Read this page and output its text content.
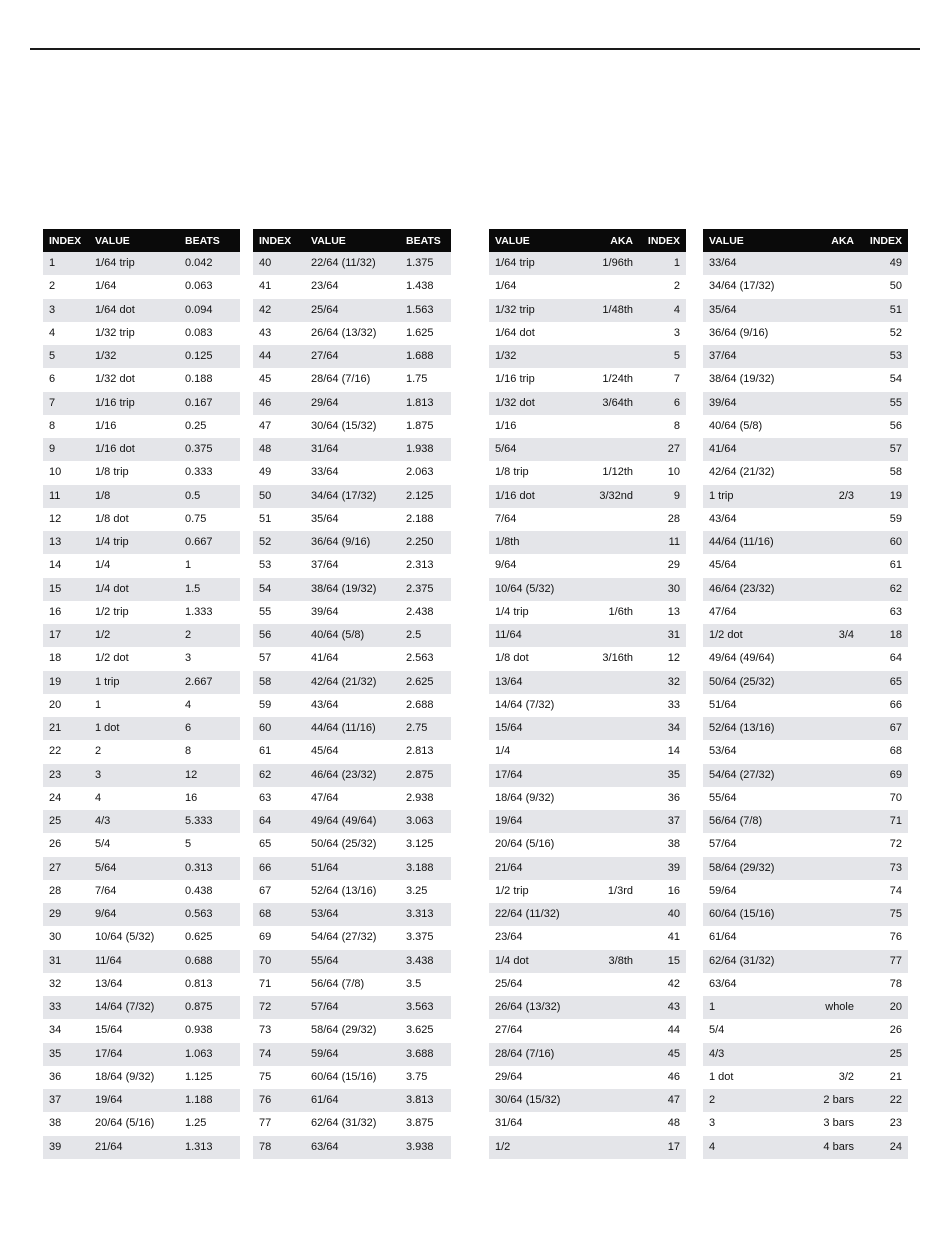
INDEX	VALUE	BEATS
1	1/64 trip	0.042
2	1/64	0.063
3	1/64 dot	0.094
4	1/32 trip	0.083
5	1/32	0.125
6	1/32 dot	0.188
7	1/16 trip	0.167
8	1/16	0.25
9	1/16 dot	0.375
10	1/8 trip	0.333
11	1/8	0.5
12	1/8 dot	0.75
13	1/4 trip	0.667
14	1/4	1
15	1/4 dot	1.5
16	1/2 trip	1.333
17	1/2	2
18	1/2 dot	3
19	1 trip	2.667
20	1	4
21	1 dot	6
22	2	8
23	3	12
24	4	16
25	4/3	5.333
26	5/4	5
27	5/64	0.313
28	7/64	0.438
29	9/64	0.563
30	10/64 (5/32)	0.625
31	11/64	0.688
32	13/64	0.813
33	14/64 (7/32)	0.875
34	15/64	0.938
35	17/64	1.063
36	18/64 (9/32)	1.125
37	19/64	1.188
38	20/64 (5/16)	1.25
39	21/64	1.313
INDEX	VALUE	BEATS
40	22/64 (11/32)	1.375
41	23/64	1.438
42	25/64	1.563
43	26/64 (13/32)	1.625
44	27/64	1.688
45	28/64 (7/16)	1.75
46	29/64	1.813
47	30/64 (15/32)	1.875
48	31/64	1.938
49	33/64	2.063
50	34/64 (17/32)	2.125
51	35/64	2.188
52	36/64 (9/16)	2.250
53	37/64	2.313
54	38/64 (19/32)	2.375
55	39/64	2.438
56	40/64 (5/8)	2.5
57	41/64	2.563
58	42/64 (21/32)	2.625
59	43/64	2.688
60	44/64 (11/16)	2.75
61	45/64	2.813
62	46/64 (23/32)	2.875
63	47/64	2.938
64	49/64 (49/64)	3.063
65	50/64 (25/32)	3.125
66	51/64	3.188
67	52/64 (13/16)	3.25
68	53/64	3.313
69	54/64 (27/32)	3.375
70	55/64	3.438
71	56/64 (7/8)	3.5
72	57/64	3.563
73	58/64 (29/32)	3.625
74	59/64	3.688
75	60/64 (15/16)	3.75
76	61/64	3.813
77	62/64 (31/32)	3.875
78	63/64	3.938
VALUE	AKA	INDEX
1/64 trip	1/96th	1
1/64		2
1/32 trip	1/48th	4
1/64 dot		3
1/32		5
1/16 trip	1/24th	7
1/32 dot	3/64th	6
1/16		8
5/64		27
1/8 trip	1/12th	10
1/16 dot	3/32nd	9
7/64		28
1/8th		11
9/64		29
10/64 (5/32)		30
1/4 trip	1/6th	13
11/64		31
1/8 dot	3/16th	12
13/64		32
14/64 (7/32)		33
15/64		34
1/4		14
17/64		35
18/64 (9/32)		36
19/64		37
20/64 (5/16)		38
21/64		39
1/2 trip	1/3rd	16
22/64 (11/32)		40
23/64		41
1/4 dot	3/8th	15
25/64		42
26/64 (13/32)		43
27/64		44
28/64 (7/16)		45
29/64		46
30/64 (15/32)		47
31/64		48
1/2		17
VALUE	AKA	INDEX
33/64		49
34/64 (17/32)		50
35/64		51
36/64 (9/16)		52
37/64		53
38/64 (19/32)		54
39/64		55
40/64 (5/8)		56
41/64		57
42/64 (21/32)		58
1 trip	2/3	19
43/64		59
44/64 (11/16)		60
45/64		61
46/64 (23/32)		62
47/64		63
1/2 dot	3/4	18
49/64 (49/64)		64
50/64 (25/32)		65
51/64		66
52/64 (13/16)		67
53/64		68
54/64 (27/32)		69
55/64		70
56/64 (7/8)		71
57/64		72
58/64 (29/32)		73
59/64		74
60/64 (15/16)		75
61/64		76
62/64 (31/32)		77
63/64		78
1	whole	20
5/4		26
4/3		25
1 dot	3/2	21
2	2 bars	22
3	3 bars	23
4	4 bars	24
